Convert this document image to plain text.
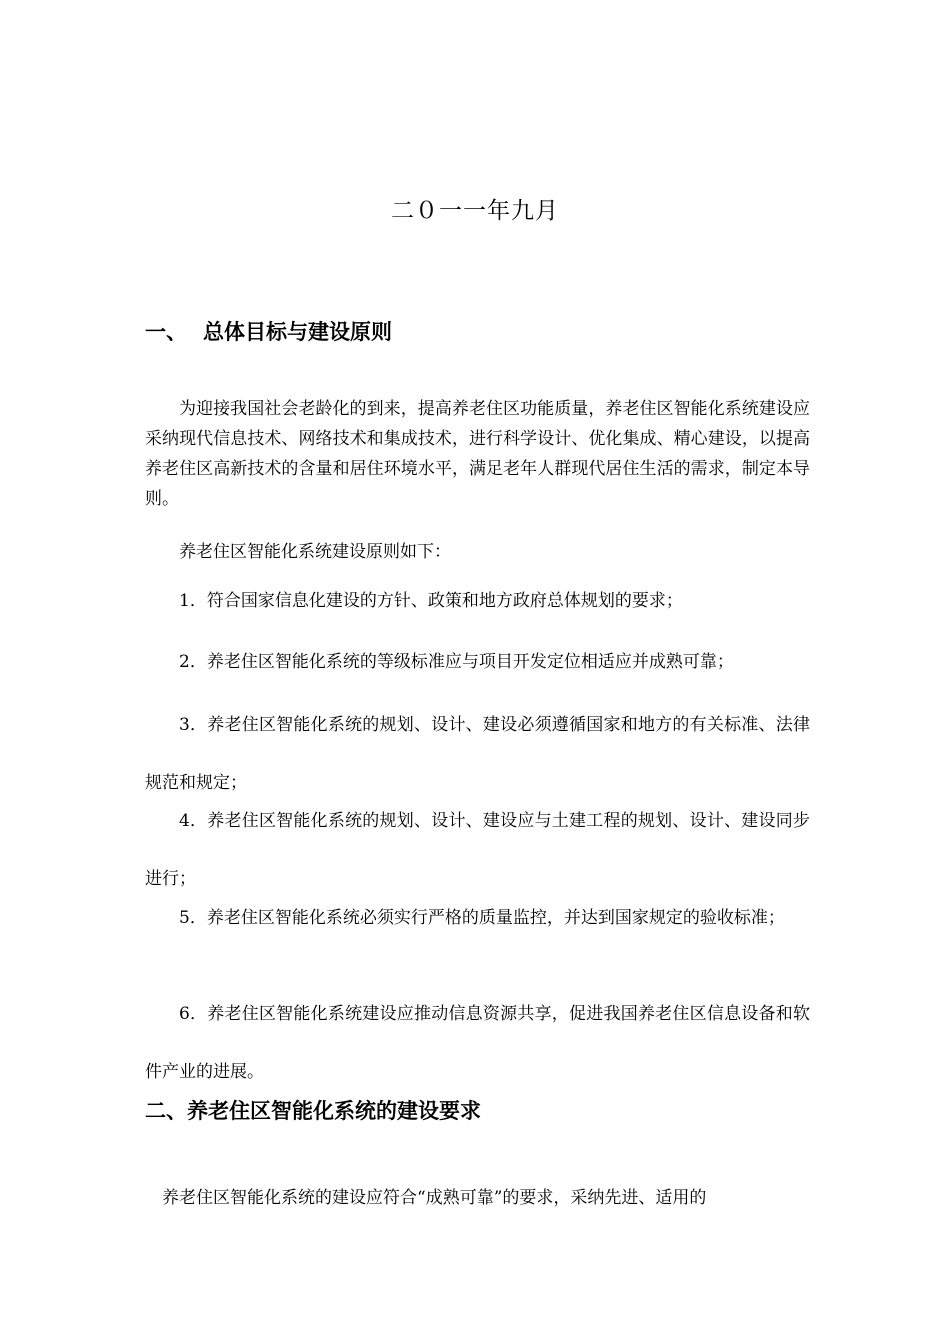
二０一一年九月
一、 总体目标与建设原则
为迎接我国社会老龄化的到来，提高养老住区功能质量，养老住区智能化系统建设应采纳现代信息技术、网络技术和集成技术，进行科学设计、优化集成、精心建设，以提高养老住区高新技术的含量和居住环境水平，满足老年人群现代居住生活的需求，制定本导则。
养老住区智能化系统建设原则如下：
1．符合国家信息化建设的方针、政策和地方政府总体规划的要求；
2．养老住区智能化系统的等级标准应与项目开发定位相适应并成熟可靠；
3．养老住区智能化系统的规划、设计、建设必须遵循国家和地方的有关标准、法律规范和规定；
4．养老住区智能化系统的规划、设计、建设应与土建工程的规划、设计、建设同步进行；
5．养老住区智能化系统必须实行严格的质量监控，并达到国家规定的验收标准；
6．养老住区智能化系统建设应推动信息资源共享，促进我国养老住区信息设备和软件产业的进展。
二、养老住区智能化系统的建设要求
养老住区智能化系统的建设应符合“成熟可靠”的要求，采纳先进、适用的
